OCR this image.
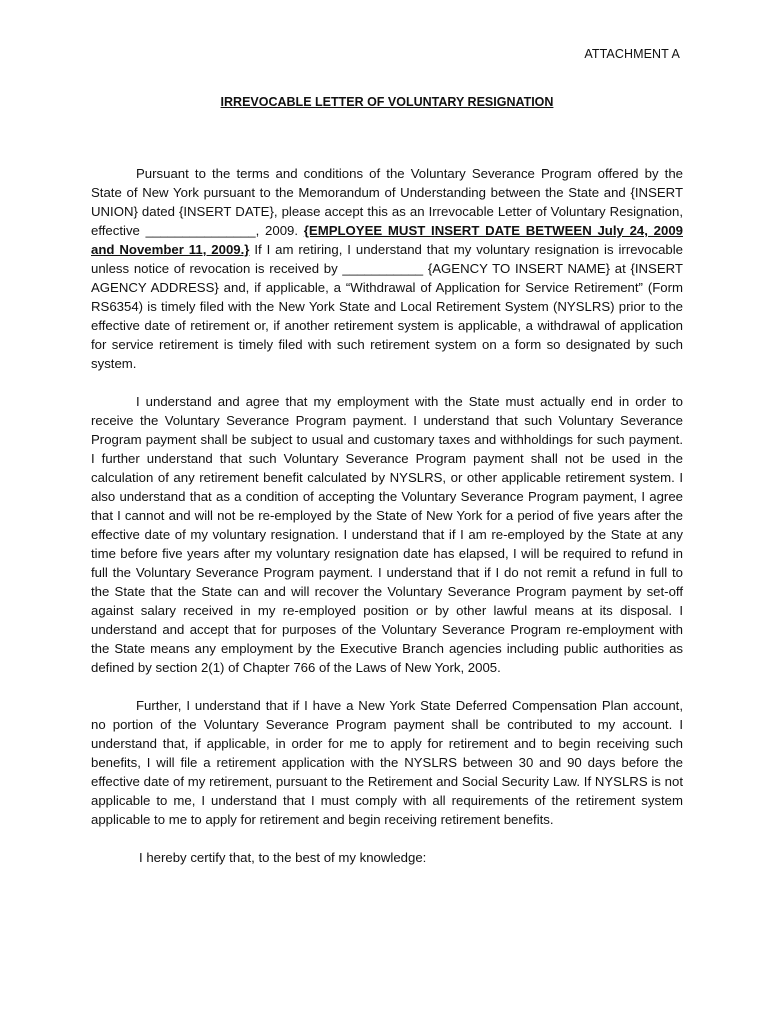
ATTACHMENT A
IRREVOCABLE LETTER OF VOLUNTARY RESIGNATION

Pursuant to the terms and conditions of the Voluntary Severance Program offered by the State of New York pursuant to the Memorandum of Understanding between the State and {INSERT UNION} dated {INSERT DATE}, please accept this as an Irrevocable Letter of Voluntary Resignation, effective _______________, 2009. {EMPLOYEE MUST INSERT DATE BETWEEN July 24, 2009 and November 11, 2009.} If I am retiring, I understand that my voluntary resignation is irrevocable unless notice of revocation is received by ___________ {AGENCY TO INSERT NAME} at {INSERT AGENCY ADDRESS} and, if applicable, a “Withdrawal of Application for Service Retirement” (Form RS6354) is timely filed with the New York State and Local Retirement System (NYSLRS) prior to the effective date of retirement or, if another retirement system is applicable, a withdrawal of application for service retirement is timely filed with such retirement system on a form so designated by such system.

I understand and agree that my employment with the State must actually end in order to receive the Voluntary Severance Program payment. I understand that such Voluntary Severance Program payment shall be subject to usual and customary taxes and withholdings for such payment. I further understand that such Voluntary Severance Program payment shall not be used in the calculation of any retirement benefit calculated by NYSLRS, or other applicable retirement system. I also understand that as a condition of accepting the Voluntary Severance Program payment, I agree that I cannot and will not be re-employed by the State of New York for a period of five years after the effective date of my voluntary resignation. I understand that if I am re-employed by the State at any time before five years after my voluntary resignation date has elapsed, I will be required to refund in full the Voluntary Severance Program payment. I understand that if I do not remit a refund in full to the State that the State can and will recover the Voluntary Severance Program payment by set-off against salary received in my re-employed position or by other lawful means at its disposal. I understand and accept that for purposes of the Voluntary Severance Program re-employment with the State means any employment by the Executive Branch agencies including public authorities as defined by section 2(1) of Chapter 766 of the Laws of New York, 2005.

Further, I understand that if I have a New York State Deferred Compensation Plan account, no portion of the Voluntary Severance Program payment shall be contributed to my account. I understand that, if applicable, in order for me to apply for retirement and to begin receiving such benefits, I will file a retirement application with the NYSLRS between 30 and 90 days before the effective date of my retirement, pursuant to the Retirement and Social Security Law. If NYSLRS is not applicable to me, I understand that I must comply with all requirements of the retirement system applicable to me to apply for retirement and begin receiving retirement benefits.

I hereby certify that, to the best of my knowledge:
